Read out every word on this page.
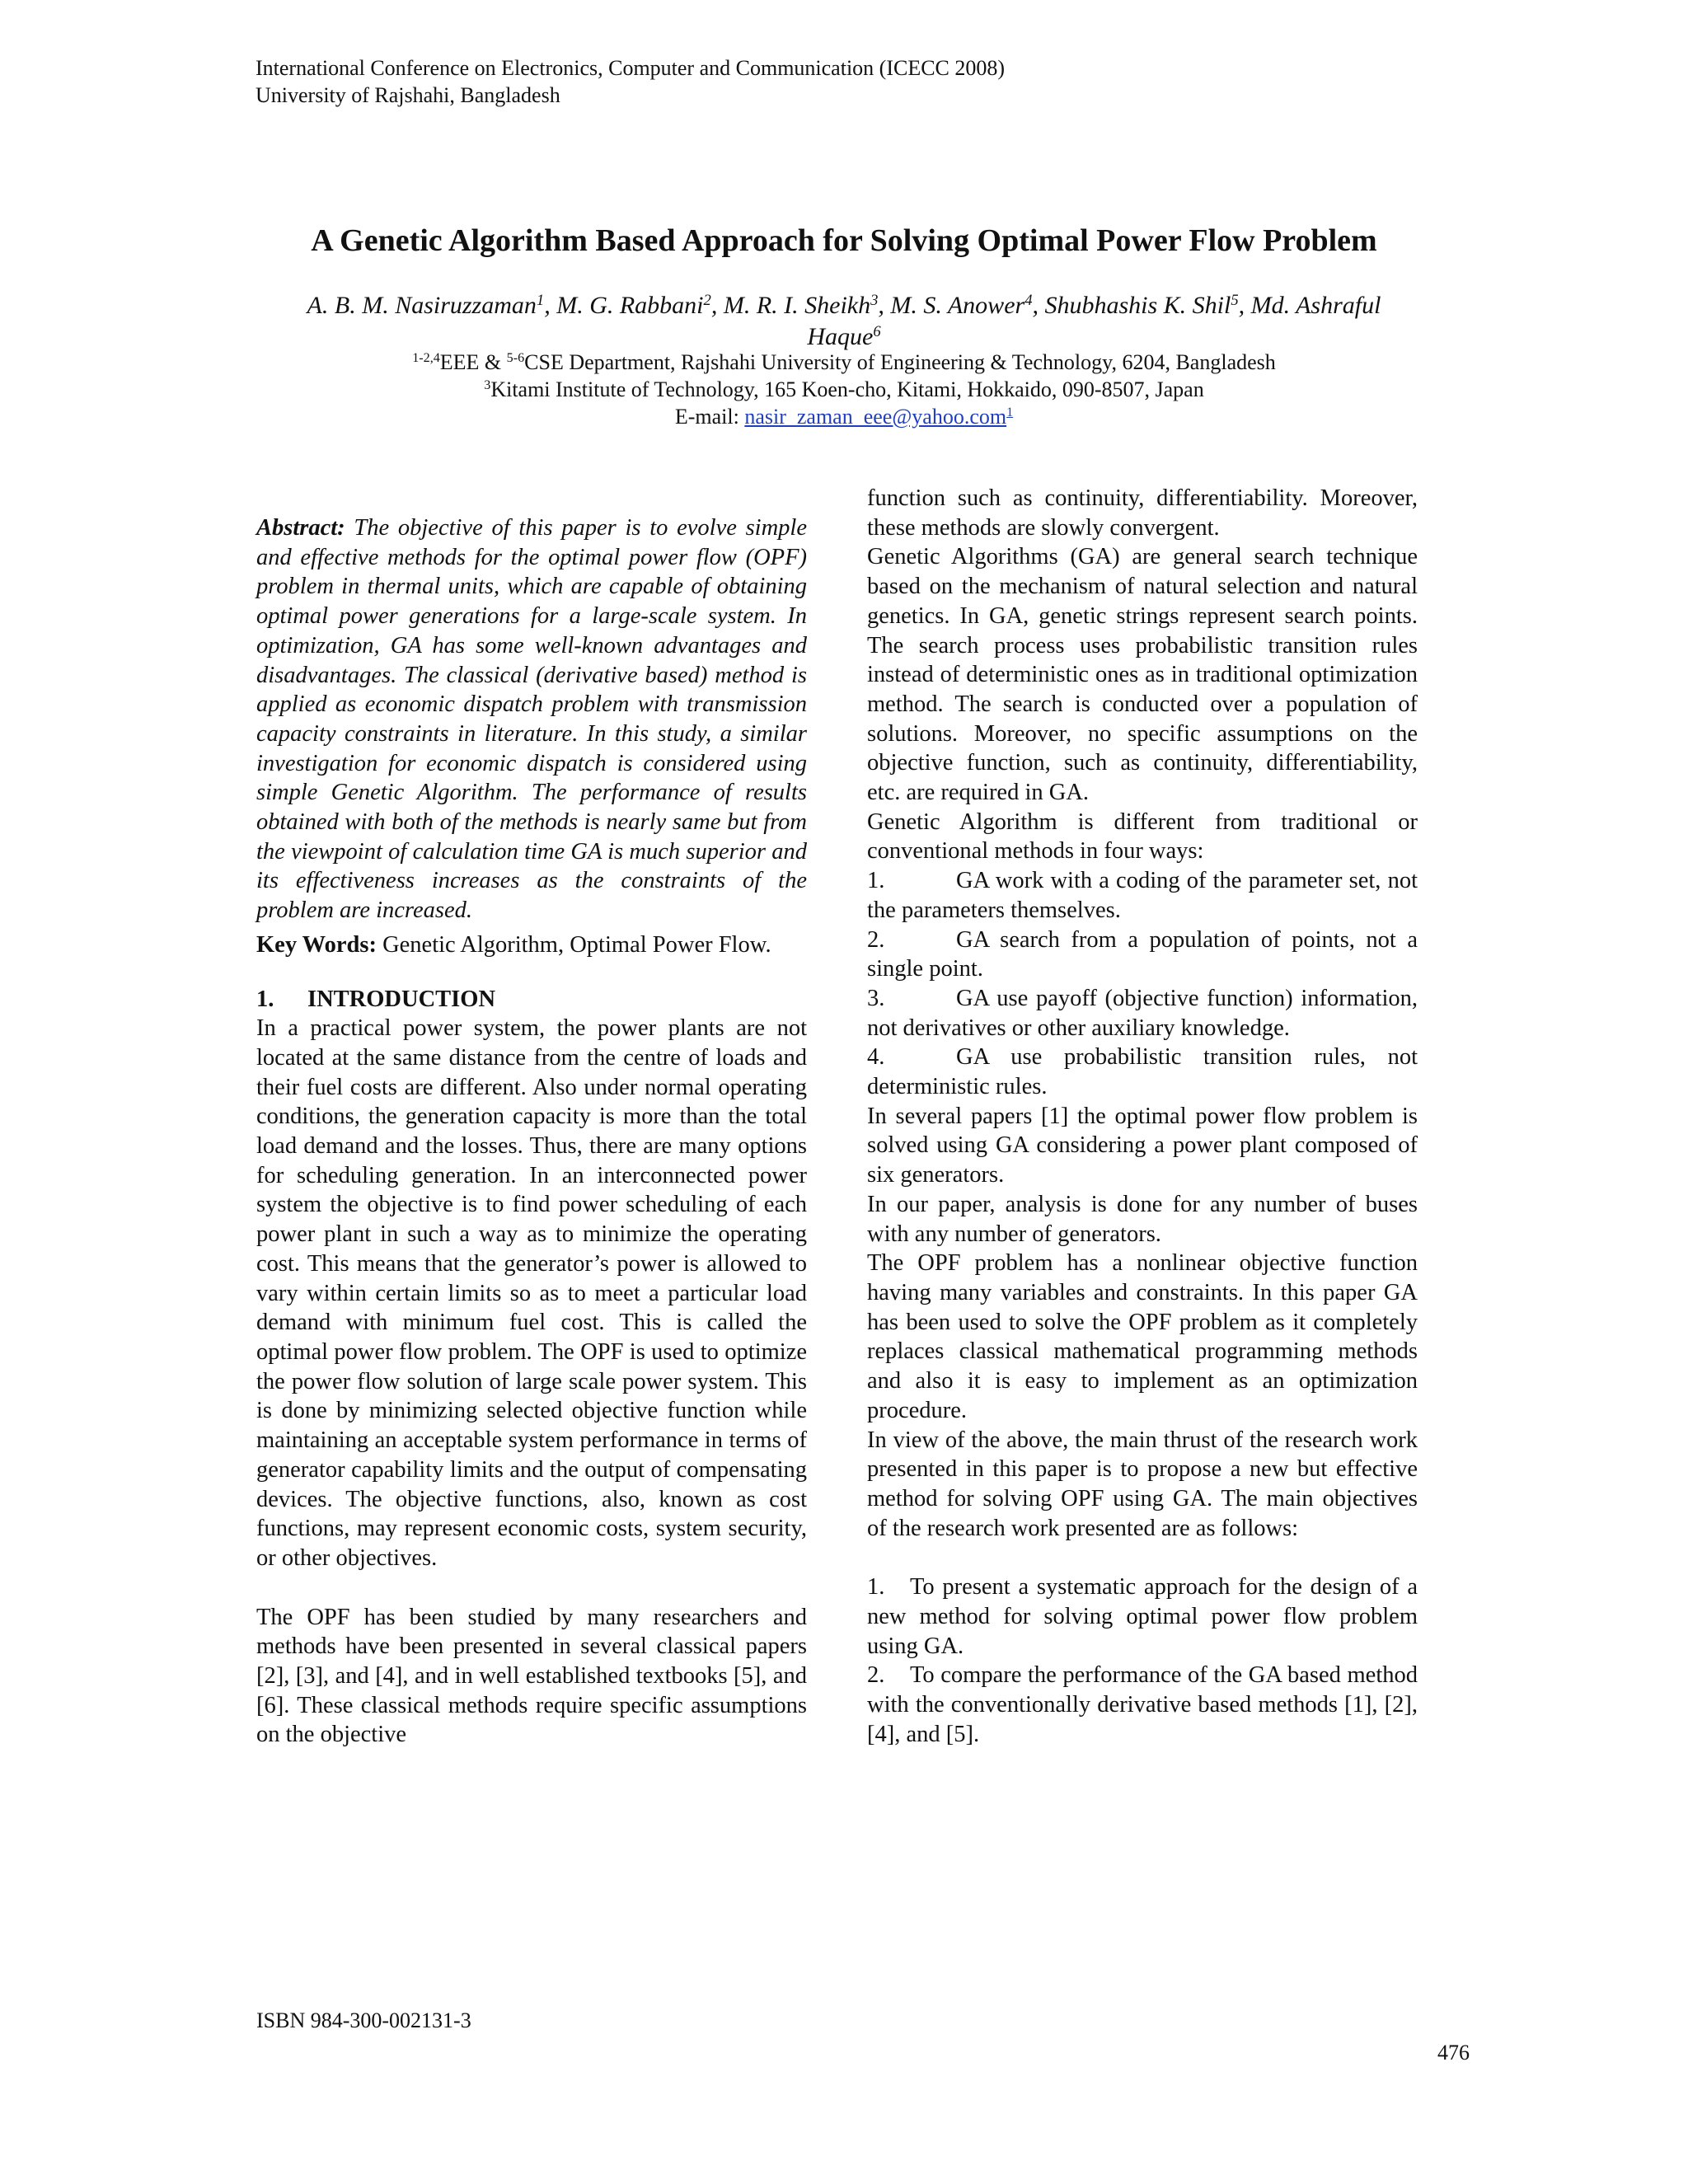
International Conference on Electronics, Computer and Communication (ICECC 2008)
University of Rajshahi, Bangladesh
A Genetic Algorithm Based Approach for Solving Optimal Power Flow Problem
A. B. M. Nasiruzzaman$^1$, M. G. Rabbani$^2$, M. R. I. Sheikh$^3$, M. S. Anower$^4$, Shubhashis K. Shil$^5$, Md. Ashraful
Haque$^6$
$^{1-2,4}$EEE & $^{5-6}$CSE Department, Rajshahi University of Engineering & Technology, 6204, Bangladesh
$^3$Kitami Institute of Technology, 165 Koen-cho, Kitami, Hokkaido, 090-8507, Japan
E-mail: nasir_zaman_eee@yahoo.com$^1$

Abstract: The objective of this paper is to evolve simple and effective methods for the optimal power flow (OPF) problem in thermal units, which are capable of obtaining optimal power generations for a large-scale system. In optimization, GA has some well-known advantages and disadvantages. The classical (derivative based) method is applied as economic dispatch problem with transmission capacity constraints in literature. In this study, a similar investigation for economic dispatch is considered using simple Genetic Algorithm. The performance of results obtained with both of the methods is nearly same but from the viewpoint of calculation time GA is much superior and its effectiveness increases as the constraints of the problem are increased.

Key Words: Genetic Algorithm, Optimal Power Flow.

1. INTRODUCTION

In a practical power system, the power plants are not located at the same distance from the centre of loads and their fuel costs are different. Also under normal operating conditions, the generation capacity is more than the total load demand and the losses. Thus, there are many options for scheduling generation. In an interconnected power system the objective is to find power scheduling of each power plant in such a way as to minimize the operating cost. This means that the generator’s power is allowed to vary within certain limits so as to meet a particular load demand with minimum fuel cost. This is called the optimal power flow problem. The OPF is used to optimize the power flow solution of large scale power system. This is done by minimizing selected objective function while maintaining an acceptable system performance in terms of generator capability limits and the output of compensating devices. The objective functions, also, known as cost functions, may represent economic costs, system security, or other objectives.

The OPF has been studied by many researchers and methods have been presented in several classical papers [2], [3], and [4], and in well established textbooks [5], and [6]. These classical methods require specific assumptions on the objective

function such as continuity, differentiability. Moreover, these methods are slowly convergent.

Genetic Algorithms (GA) are general search technique based on the mechanism of natural selection and natural genetics. In GA, genetic strings represent search points. The search process uses probabilistic transition rules instead of deterministic ones as in traditional optimization method. The search is conducted over a population of solutions. Moreover, no specific assumptions on the objective function, such as continuity, differentiability, etc. are required in GA.

Genetic Algorithm is different from traditional or conventional methods in four ways:

1.	GA work with a coding of the parameter set, not the parameters themselves.

2.	GA search from a population of points, not a single point.

3.	GA use payoff (objective function) information, not derivatives or other auxiliary knowledge.

4.	GA use probabilistic transition rules, not deterministic rules.

In several papers [1] the optimal power flow problem is solved using GA considering a power plant composed of six generators.

In our paper, analysis is done for any number of buses with any number of generators.

The OPF problem has a nonlinear objective function having many variables and constraints. In this paper GA has been used to solve the OPF problem as it completely replaces classical mathematical programming methods and also it is easy to implement as an optimization procedure.

In view of the above, the main thrust of the research work presented in this paper is to propose a new but effective method for solving OPF using GA. The main objectives of the research work presented are as follows:

1. To present a systematic approach for the design of a new method for solving optimal power flow problem using GA.

2. To compare the performance of the GA based method with the conventionally derivative based methods [1], [2], [4], and [5].

ISBN 984-300-002131-3
476
